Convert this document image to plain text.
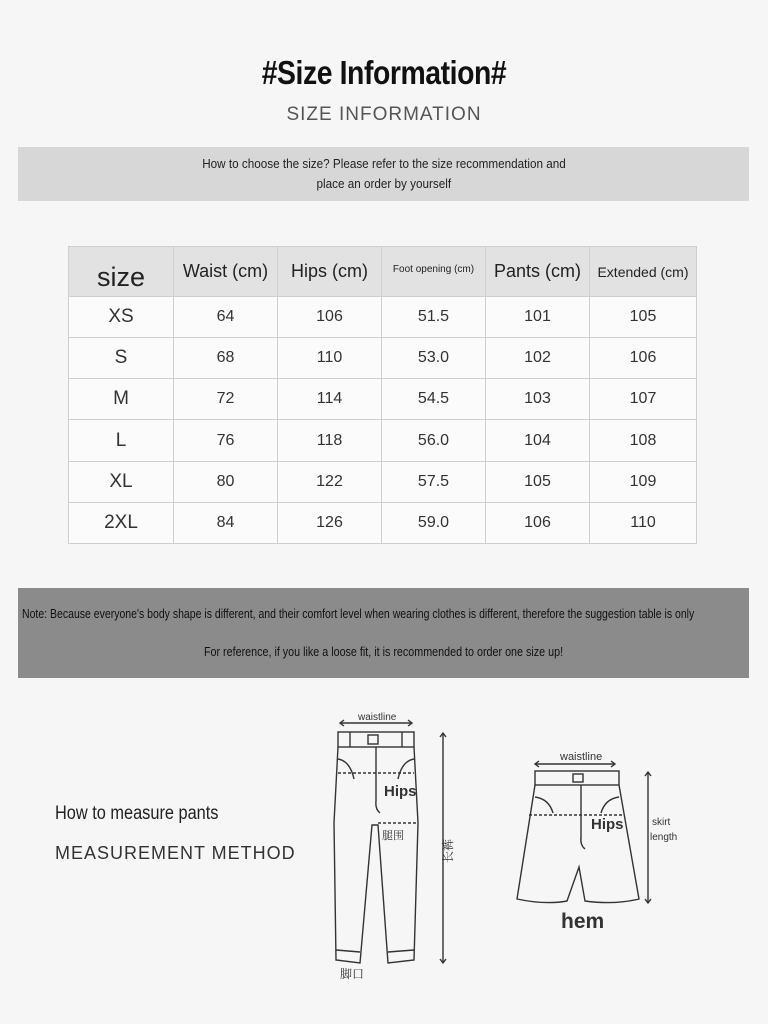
#Size Information#
SIZE INFORMATION
How to choose the size? Please refer to the size recommendation and
place an order by yourself
size	Waist (cm)	Hips (cm)	Foot opening (cm)	Pants (cm)	Extended (cm)
XS	64	106	51.5	101	105
S	68	110	53.0	102	106
M	72	114	54.5	103	107
L	76	118	56.0	104	108
XL	80	122	57.5	105	109
2XL	84	126	59.0	106	110
Note: Because everyone's body shape is different, and their comfort level when wearing clothes is different, therefore the suggestion table is only
For reference, if you like a loose fit, it is recommended to order one size up!
How to measure pants
MEASUREMENT METHOD
waistline
Hips
腿围
长裤
脚口
waistline
Hips	skirt
length
hem
